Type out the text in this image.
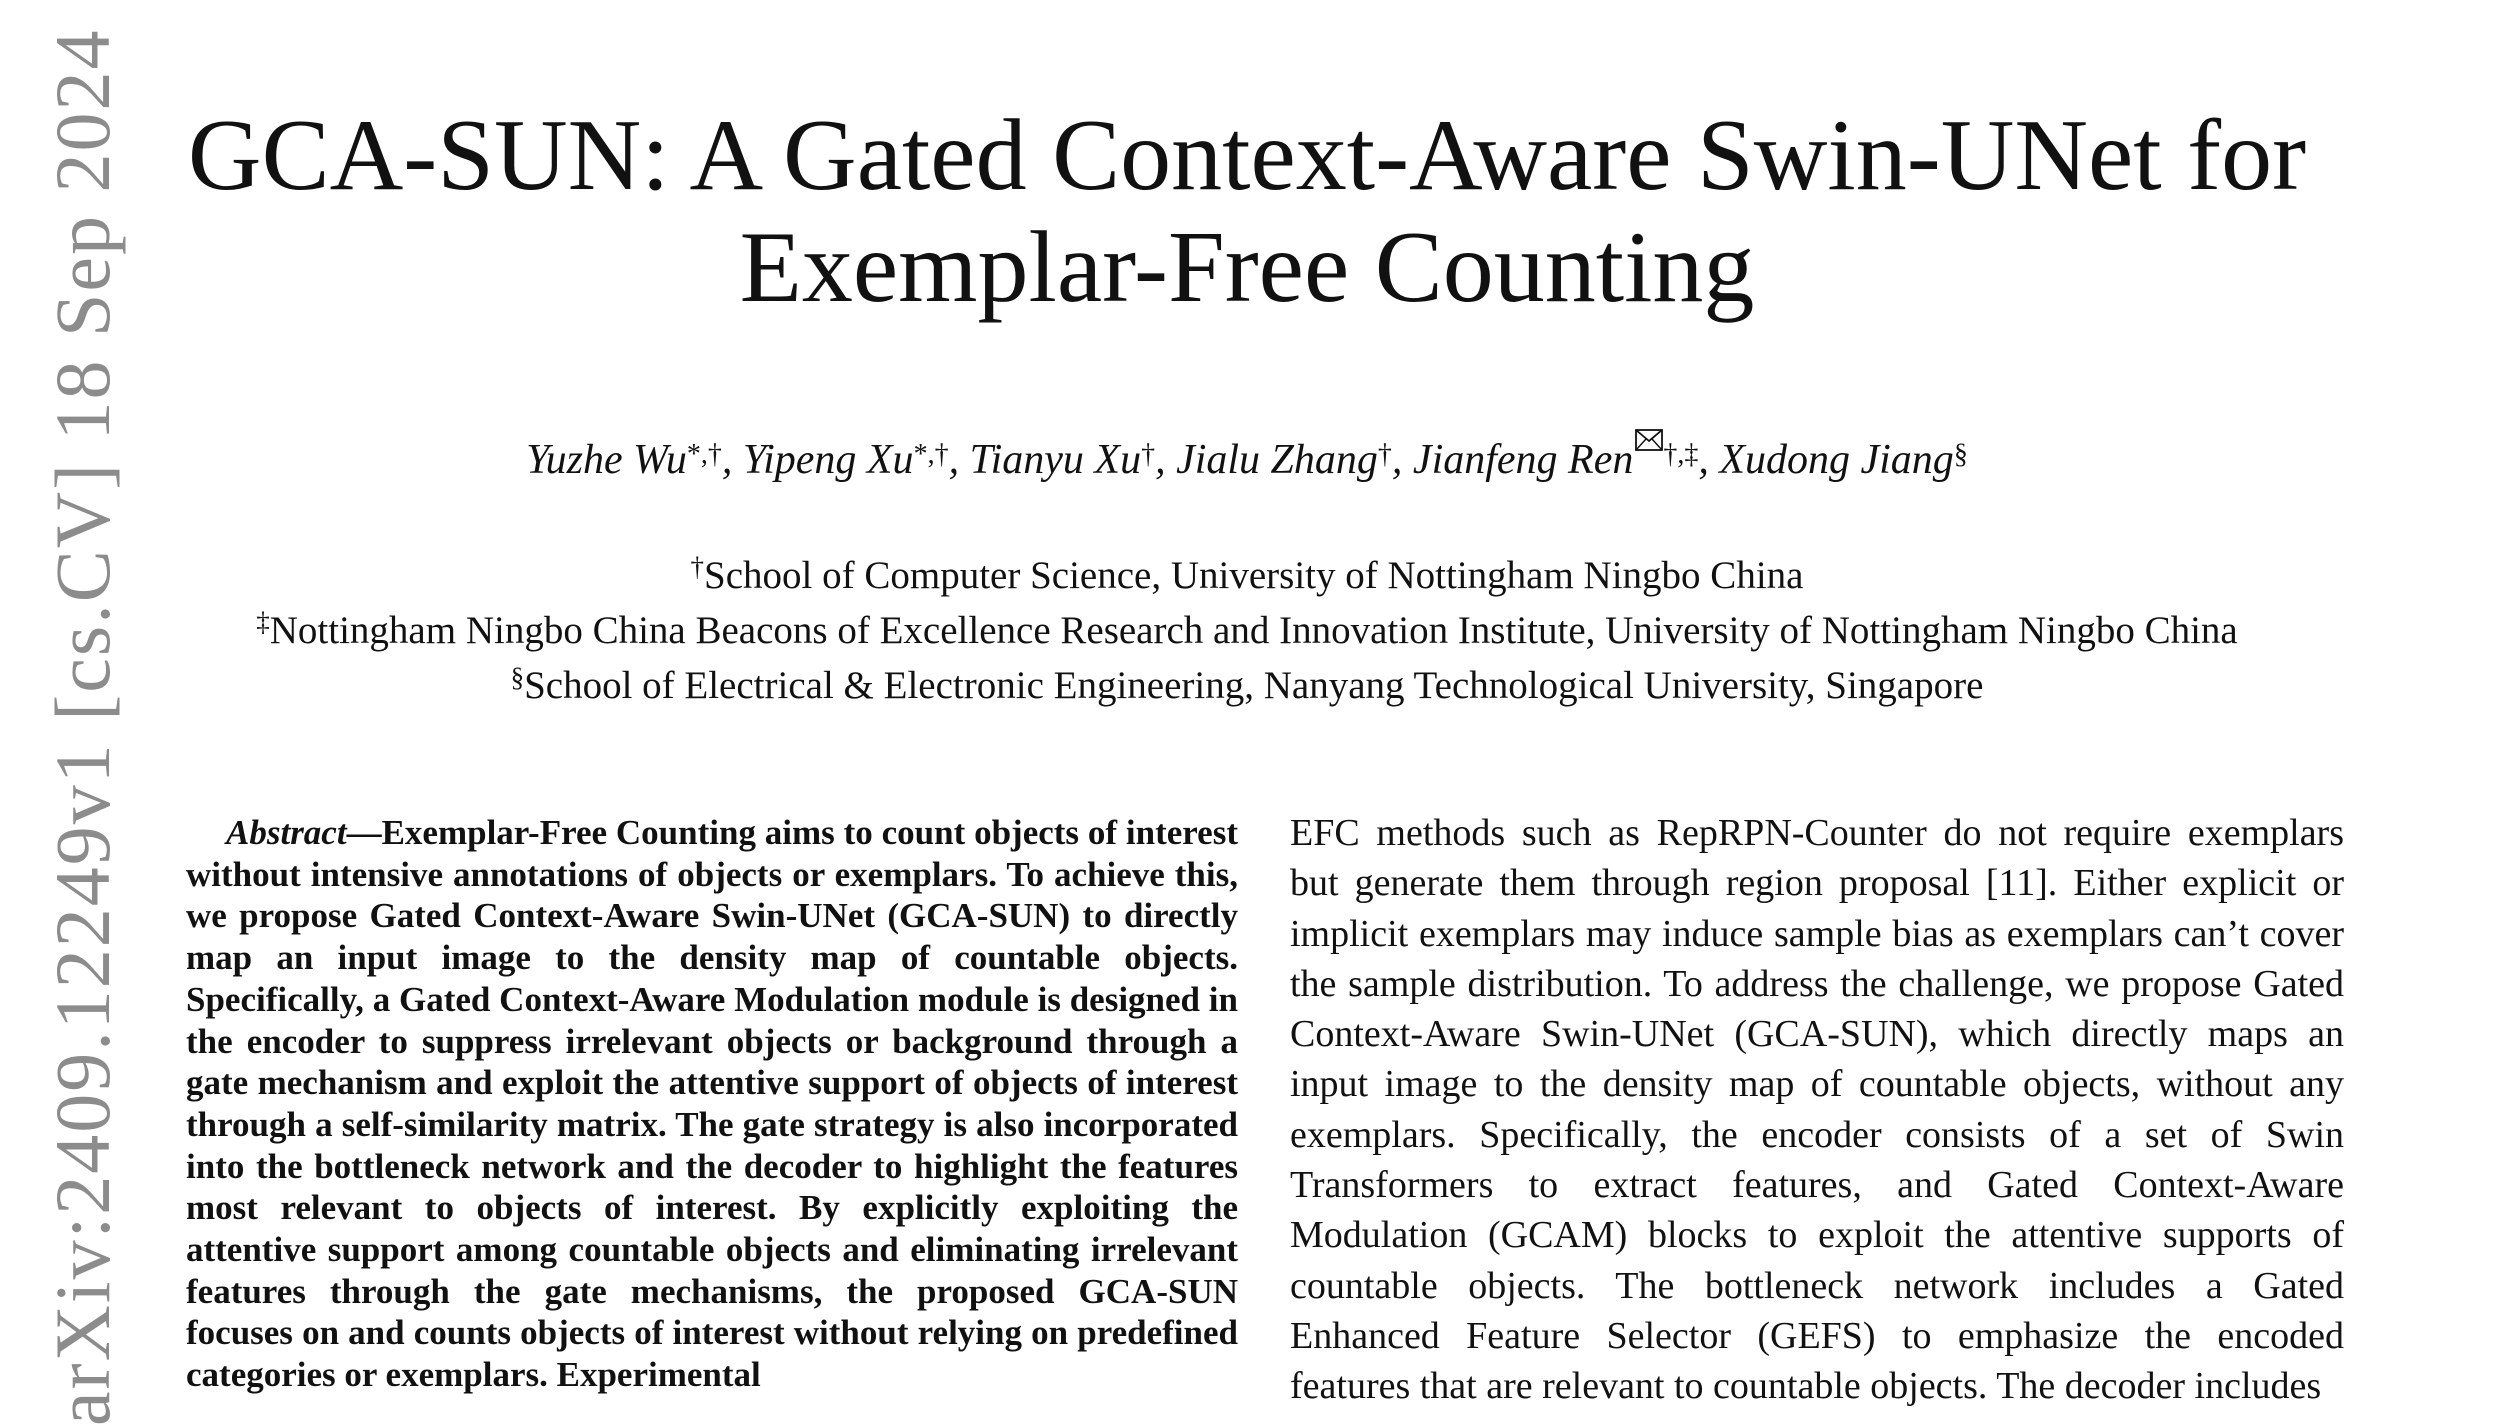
GCA-SUN: A Gated Context-Aware Swin-UNet for
Exemplar-Free Counting
Yuzhe Wu*,†, Yipeng Xu*,†, Tianyu Xu†, Jialu Zhang†, Jianfeng Ren †,‡, Xudong Jiang§
†School of Computer Science, University of Nottingham Ningbo China
‡Nottingham Ningbo China Beacons of Excellence Research and Innovation Institute, University of Nottingham Ningbo China
§School of Electrical & Electronic Engineering, Nanyang Technological University, Singapore
arXiv:2409.12249v1 [cs.CV] 18 Sep 2024	Abstract—Exemplar-Free Counting aims to count objects of interest without intensive annotations of objects or exemplars. To achieve this, we propose Gated Context-Aware Swin-UNet (GCA-SUN) to directly map an input image to the density map of countable objects. Specifically, a Gated Context-Aware Modulation module is designed in the encoder to suppress irrelevant objects or background through a gate mechanism and exploit the attentive support of objects of interest through a self-similarity matrix. The gate strategy is also incorporated into the bottleneck network and the decoder to highlight the features most relevant to objects of interest. By explicitly exploiting the attentive support among countable objects and eliminating irrelevant features through the gate mechanisms, the proposed GCA-SUN focuses on and counts objects of interest without relying on predefined categories or exemplars. Experimental
EFC methods such as RepRPN-Counter do not require exemplars but generate them through region proposal [11]. Either explicit or implicit exemplars may induce sample bias as exemplars can’t cover the sample distribution. To address the challenge, we propose Gated Context-Aware Swin-UNet (GCA-SUN), which directly maps an input image to the density map of countable objects, without any exemplars. Specifically, the encoder consists of a set of Swin Transformers to extract features, and Gated Context-Aware Modulation (GCAM) blocks to exploit the attentive supports of countable objects. The bottleneck network includes a Gated Enhanced Feature Selector (GEFS) to emphasize the encoded features that are relevant to countable objects. The decoder includes
